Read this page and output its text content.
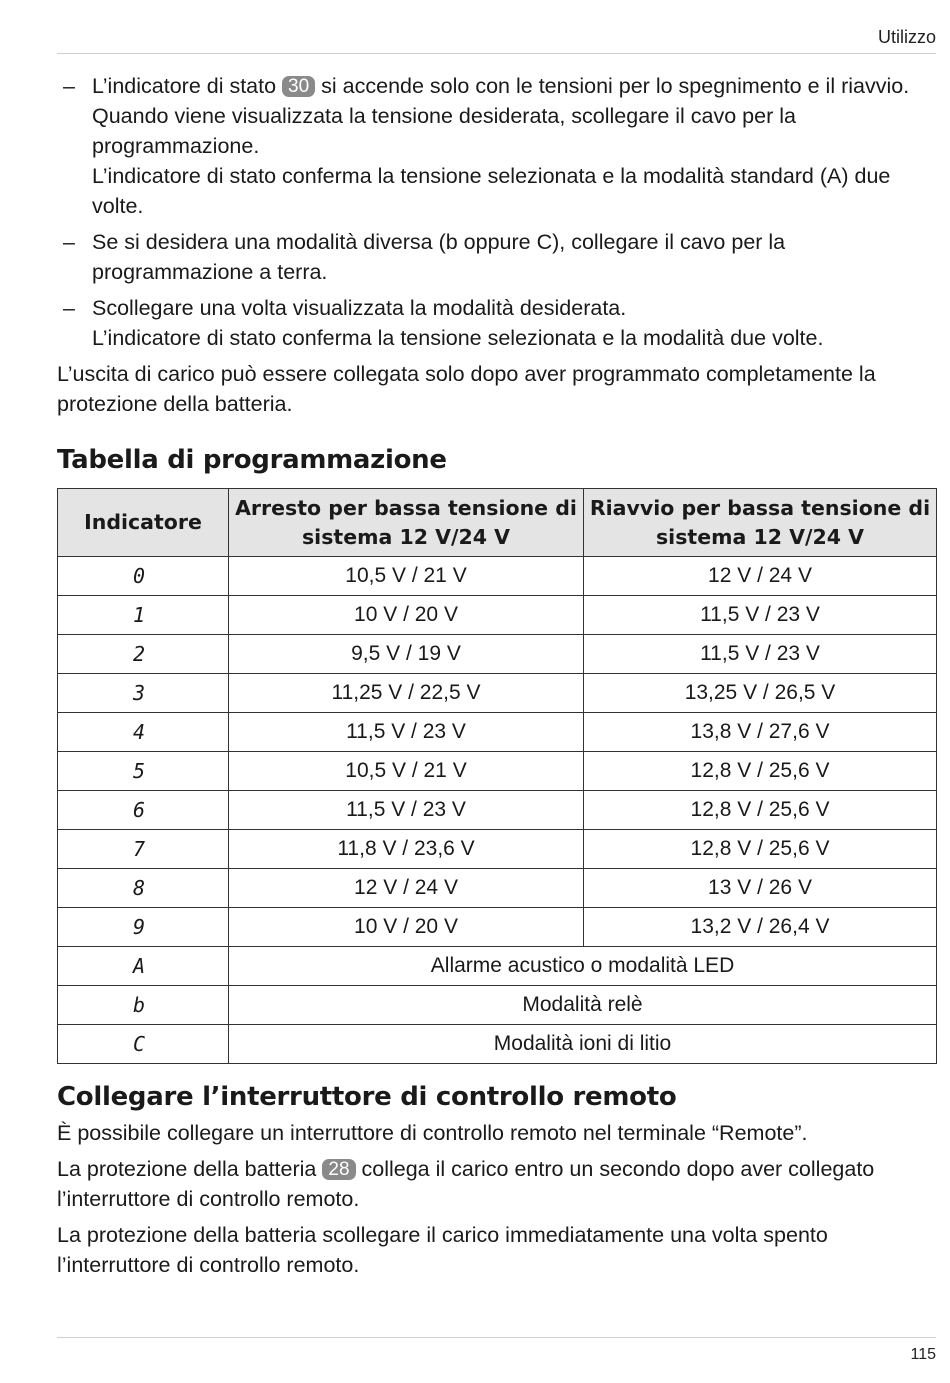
Utilizzo
– L’indicatore di stato 30 si accende solo con le tensioni per lo spegnimento e il riavvio. Quando viene visualizzata la tensione desiderata, scollegare il cavo per la programmazione.
L’indicatore di stato conferma la tensione selezionata e la modalità standard (A) due volte.
– Se si desidera una modalità diversa (b oppure C), collegare il cavo per la programmazione a terra.
– Scollegare una volta visualizzata la modalità desiderata.
L’indicatore di stato conferma la tensione selezionata e la modalità due volte.

L’uscita di carico può essere collegata solo dopo aver programmato completamente la protezione della batteria.

Tabella di programmazione
Indicatore	Arresto per bassa tensione di sistema 12 V/24 V	Riavvio per bassa tensione di sistema 12 V/24 V
0	10,5 V / 21 V	12 V / 24 V
1	10 V / 20 V	11,5 V / 23 V
2	9,5 V / 19 V	11,5 V / 23 V
3	11,25 V / 22,5 V	13,25 V / 26,5 V
4	11,5 V / 23 V	13,8 V / 27,6 V
5	10,5 V / 21 V	12,8 V / 25,6 V
6	11,5 V / 23 V	12,8 V / 25,6 V
7	11,8 V / 23,6 V	12,8 V / 25,6 V
8	12 V / 24 V	13 V / 26 V
9	10 V / 20 V	13,2 V / 26,4 V
A	Allarme acustico o modalità LED	
b	Modalità relè	
C	Modalità ioni di litio	
Collegare l’interruttore di controllo remoto

È possibile collegare un interruttore di controllo remoto nel terminale “Remote”.

La protezione della batteria 28 collega il carico entro un secondo dopo aver collegato l’interruttore di controllo remoto.

La protezione della batteria scollegare il carico immediatamente una volta spento l’interruttore di controllo remoto.

115
